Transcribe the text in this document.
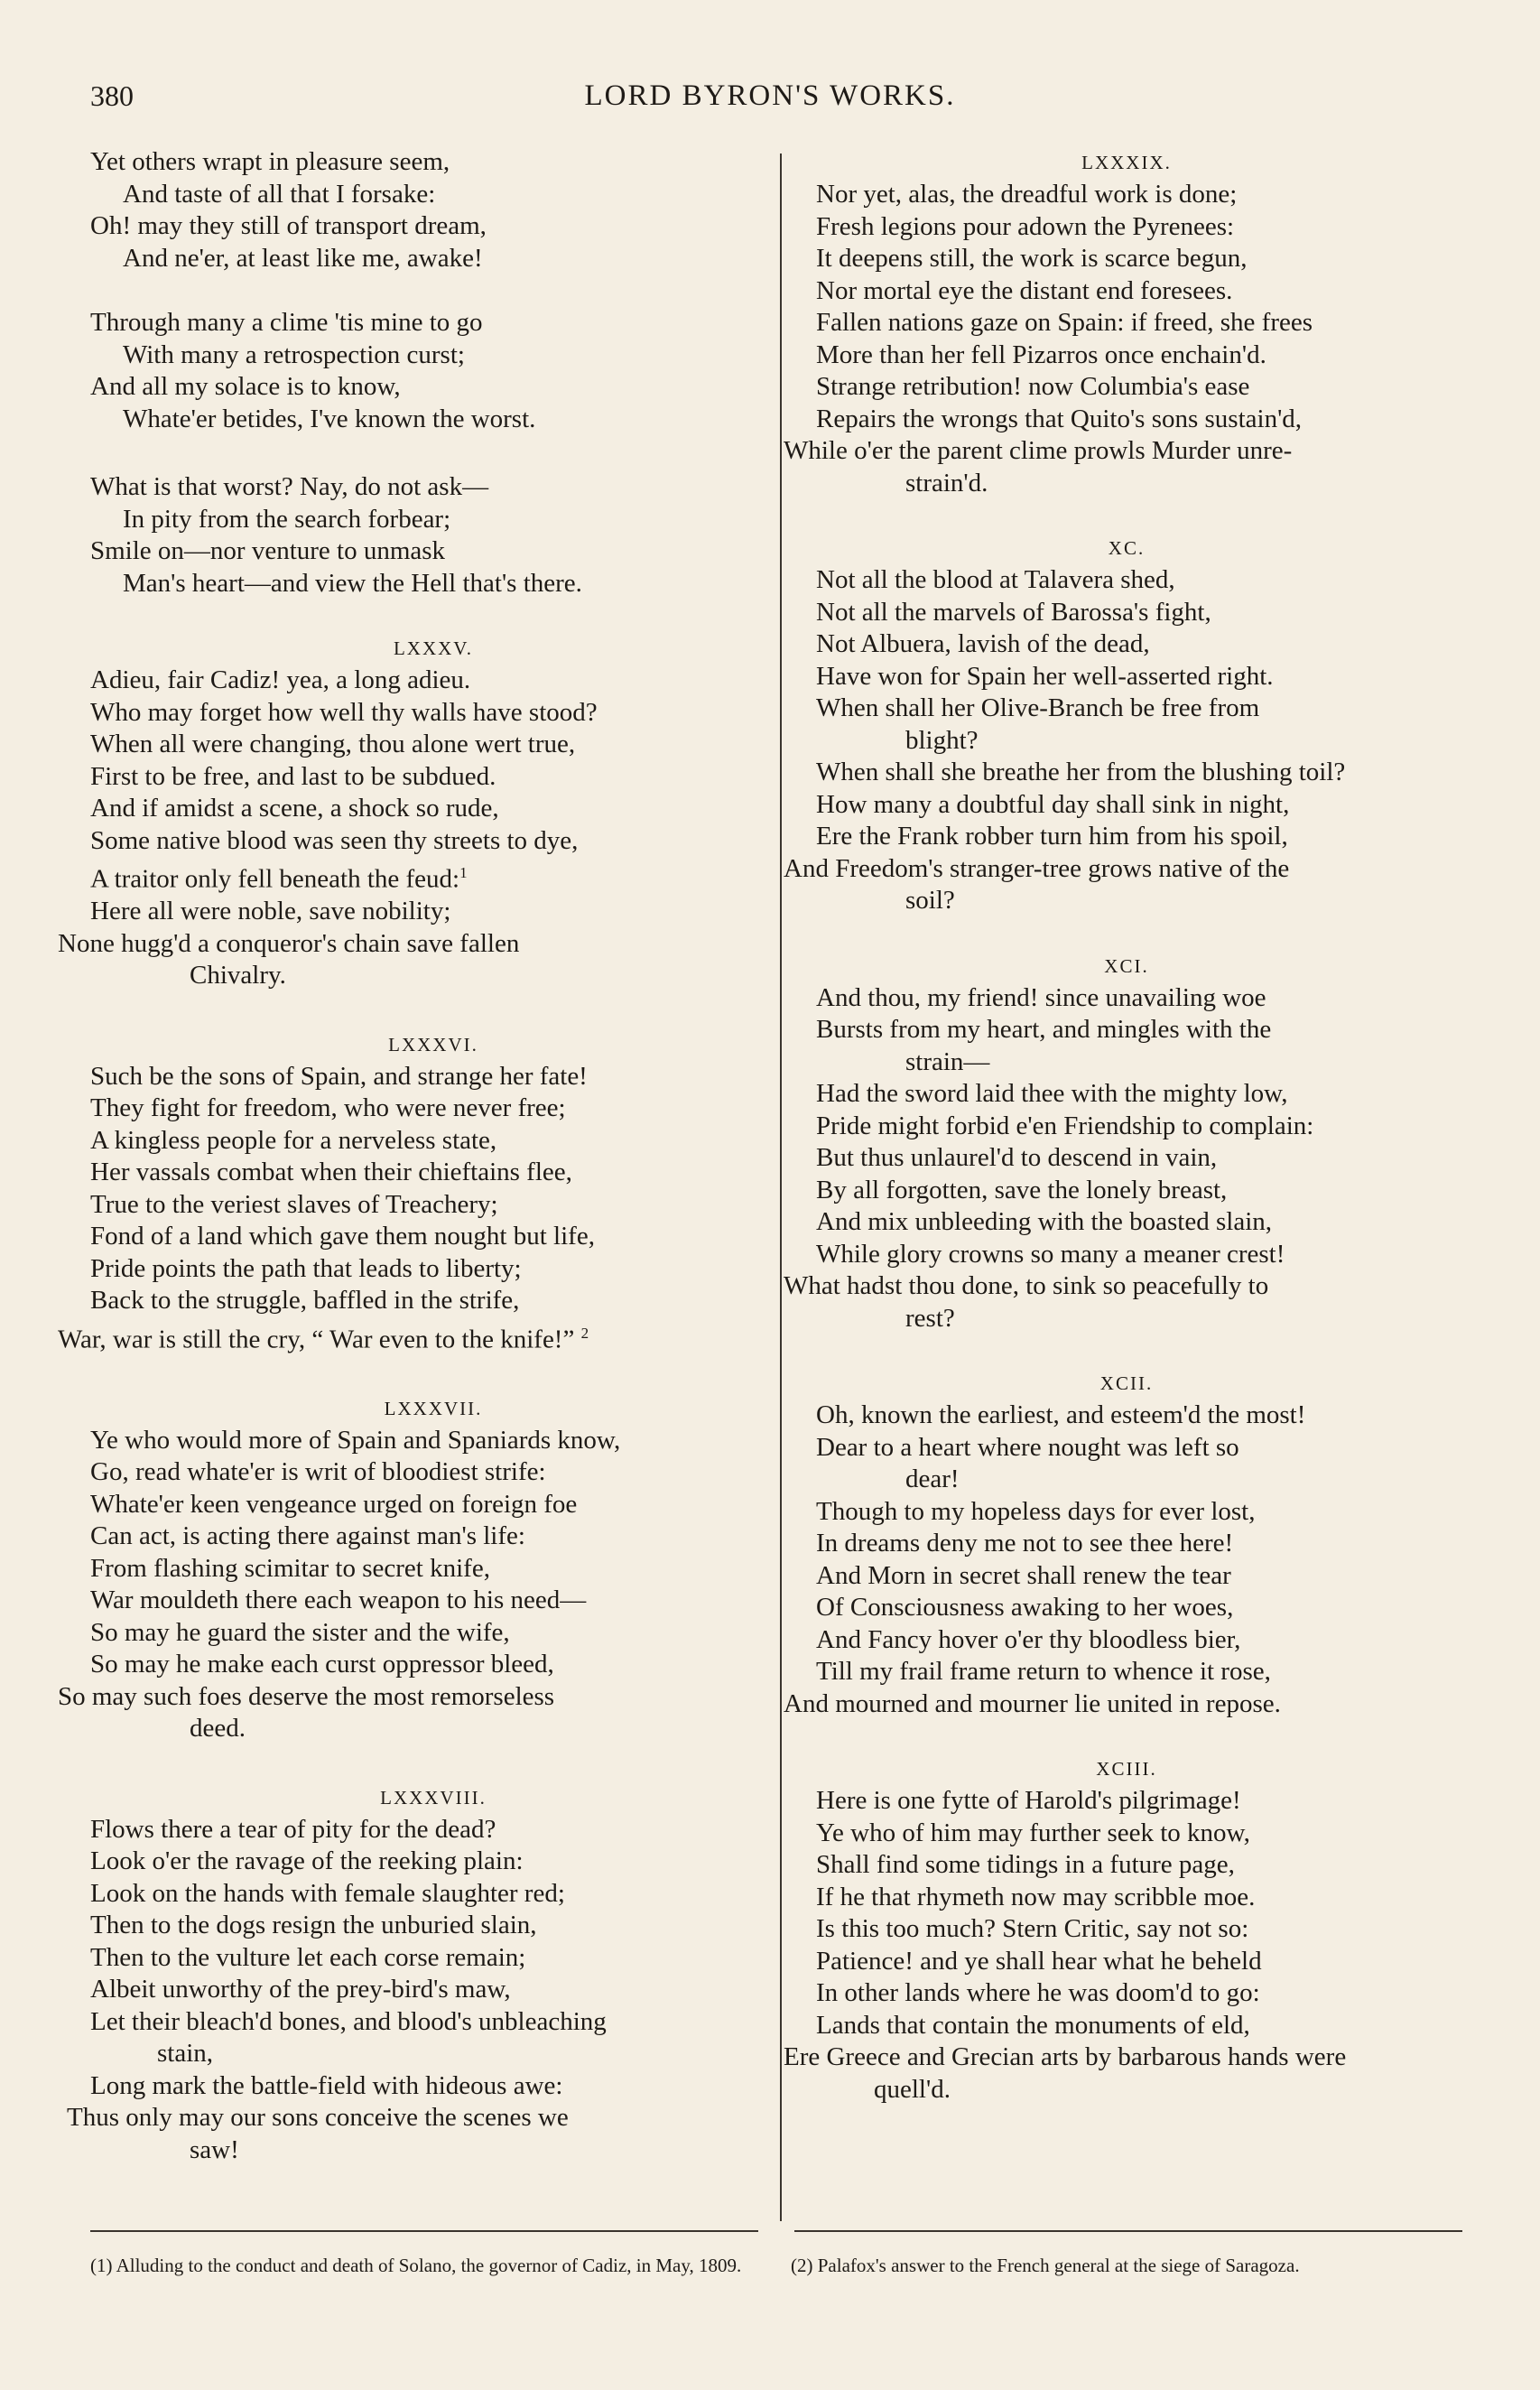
380	LORD BYRON'S WORKS.
Yet others wrapt in pleasure seem,
And taste of all that I forsake:
Oh! may they still of transport dream,
And ne'er, at least like me, awake!
Through many a clime 'tis mine to go
With many a retrospection curst;
And all my solace is to know,
Whate'er betides, I've known the worst.
What is that worst? Nay, do not ask—
In pity from the search forbear;
Smile on—nor venture to unmask
Man's heart—and view the Hell that's there.
LXXXV.
Adieu, fair Cadiz! yea, a long adieu.
Who may forget how well thy walls have stood?
When all were changing, thou alone wert true,
First to be free, and last to be subdued.
And if amidst a scene, a shock so rude,
Some native blood was seen thy streets to dye,
A traitor only fell beneath the feud:$^1$
Here all were noble, save nobility;
None hugg'd a conqueror's chain save fallen
Chivalry.
LXXXVI.
Such be the sons of Spain, and strange her fate!
They fight for freedom, who were never free;
A kingless people for a nerveless state,
Her vassals combat when their chieftains flee,
True to the veriest slaves of Treachery;
Fond of a land which gave them nought but life,
Pride points the path that leads to liberty;
Back to the struggle, baffled in the strife,
War, war is still the cry, “ War even to the knife!” $^2$
LXXXVII.
Ye who would more of Spain and Spaniards know,
Go, read whate'er is writ of bloodiest strife:
Whate'er keen vengeance urged on foreign foe
Can act, is acting there against man's life:
From flashing scimitar to secret knife,
War mouldeth there each weapon to his need—
So may he guard the sister and the wife,
So may he make each curst oppressor bleed,
So may such foes deserve the most remorseless
deed.
LXXXVIII.
Flows there a tear of pity for the dead?
Look o'er the ravage of the reeking plain:
Look on the hands with female slaughter red;
Then to the dogs resign the unburied slain,
Then to the vulture let each corse remain;
Albeit unworthy of the prey-bird's maw,
Let their bleach'd bones, and blood's unbleaching
stain,
Long mark the battle-field with hideous awe:
Thus only may our sons conceive the scenes we
saw!
LXXXIX.
Nor yet, alas, the dreadful work is done;
Fresh legions pour adown the Pyrenees:
It deepens still, the work is scarce begun,
Nor mortal eye the distant end foresees.
Fallen nations gaze on Spain: if freed, she frees
More than her fell Pizarros once enchain'd.
Strange retribution! now Columbia's ease
Repairs the wrongs that Quito's sons sustain'd,
While o'er the parent clime prowls Murder unre-
strain'd.
XC.
Not all the blood at Talavera shed,
Not all the marvels of Barossa's fight,
Not Albuera, lavish of the dead,
Have won for Spain her well-asserted right.
When shall her Olive-Branch be free from
blight?
When shall she breathe her from the blushing toil?
How many a doubtful day shall sink in night,
Ere the Frank robber turn him from his spoil,
And Freedom's stranger-tree grows native of the
soil?
XCI.
And thou, my friend! since unavailing woe
Bursts from my heart, and mingles with the
strain—
Had the sword laid thee with the mighty low,
Pride might forbid e'en Friendship to complain:
But thus unlaurel'd to descend in vain,
By all forgotten, save the lonely breast,
And mix unbleeding with the boasted slain,
While glory crowns so many a meaner crest!
What hadst thou done, to sink so peacefully to
rest?
XCII.
Oh, known the earliest, and esteem'd the most!
Dear to a heart where nought was left so
dear!
Though to my hopeless days for ever lost,
In dreams deny me not to see thee here!
And Morn in secret shall renew the tear
Of Consciousness awaking to her woes,
And Fancy hover o'er thy bloodless bier,
Till my frail frame return to whence it rose,
And mourned and mourner lie united in repose.
XCIII.
Here is one fytte of Harold's pilgrimage!
Ye who of him may further seek to know,
Shall find some tidings in a future page,
If he that rhymeth now may scribble moe.
Is this too much? Stern Critic, say not so:
Patience! and ye shall hear what he beheld
In other lands where he was doom'd to go:
Lands that contain the monuments of eld,
Ere Greece and Grecian arts by barbarous hands were
quell'd.
(1) Alluding to the conduct and death of Solano, the governor of Cadiz, in May, 1809.	(2) Palafox's answer to the French general at the siege of Saragoza.
